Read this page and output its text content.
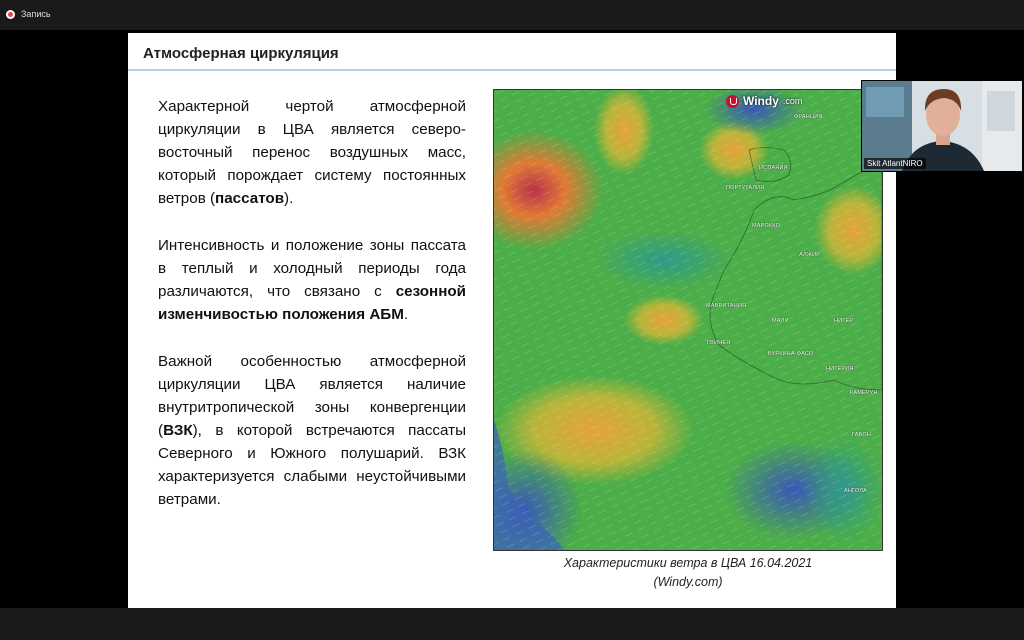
Запись
Атмосферная циркуляция

Характерной чертой атмосферной циркуляции в ЦВА является северо-восточный перенос воздушных масс, который порождает систему постоянных ветров (пассатов).

Интенсивность и положение зоны пассата в теплый и холодный периоды года различаются, что связано с сезонной изменчивостью положения АБМ.

Важной особенностью атмосферной циркуляции ЦВА является наличие внутритропической зоны конвергенции (ВЗК), в которой встречаются пассаты Северного и Южного полушарий. ВЗК характеризуется слабыми неустойчивыми ветрами.

Windy .com
ФРАНЦИЯ
ИСПАНИЯ
ПОРТУГАЛИЯ
МАРОККО
АЛЖИР
МАВРИТАНИЯ
МАЛИ	НИГЕР
НИГЕРИЯ
БУРКИНА-ФАСО
ГВИНЕЯ
КАМЕРУН
ГАБОН
АНГОЛА
Характеристики ветра в ЦВА 16.04.2021
(Windy.com)
Skit AtlantNIRO
